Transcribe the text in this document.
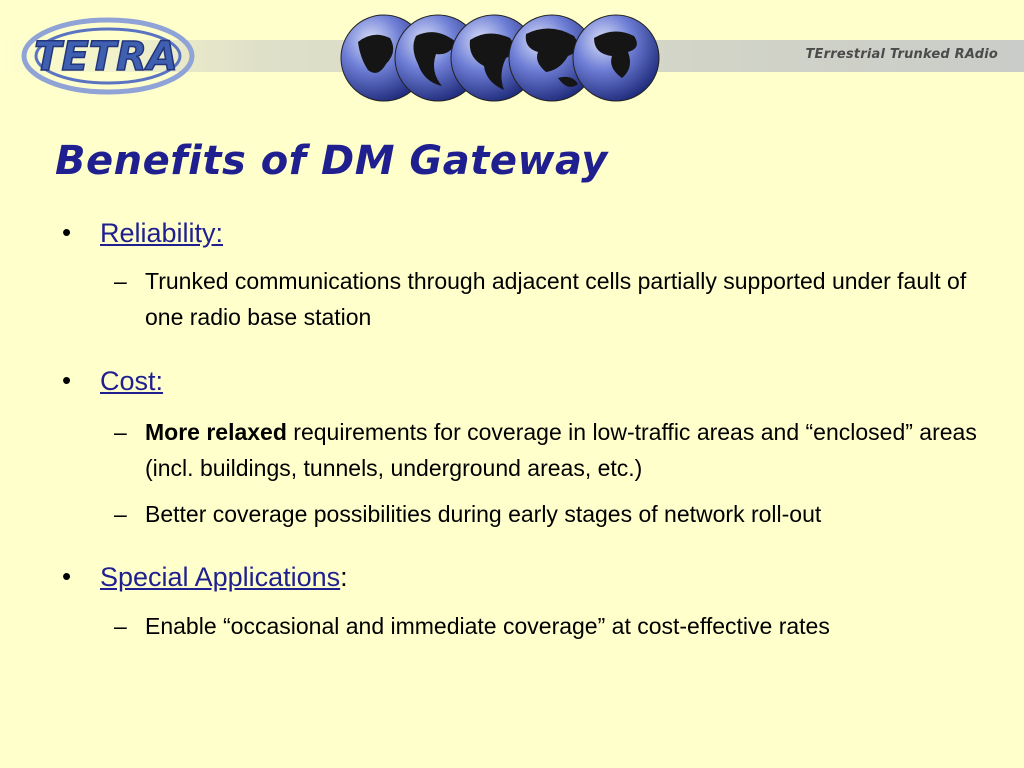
TETRA	TErrestrial Trunked RAdio
Benefits of DM Gateway
• Reliability:
– Trunked communications through adjacent cells partially supported under fault of one radio base station
• Cost:
– More relaxed requirements for coverage in low-traffic areas and “enclosed” areas (incl. buildings, tunnels, underground areas, etc.)
– Better coverage possibilities during early stages of network roll-out
• Special Applications:
– Enable “occasional and immediate coverage” at cost-effective rates
